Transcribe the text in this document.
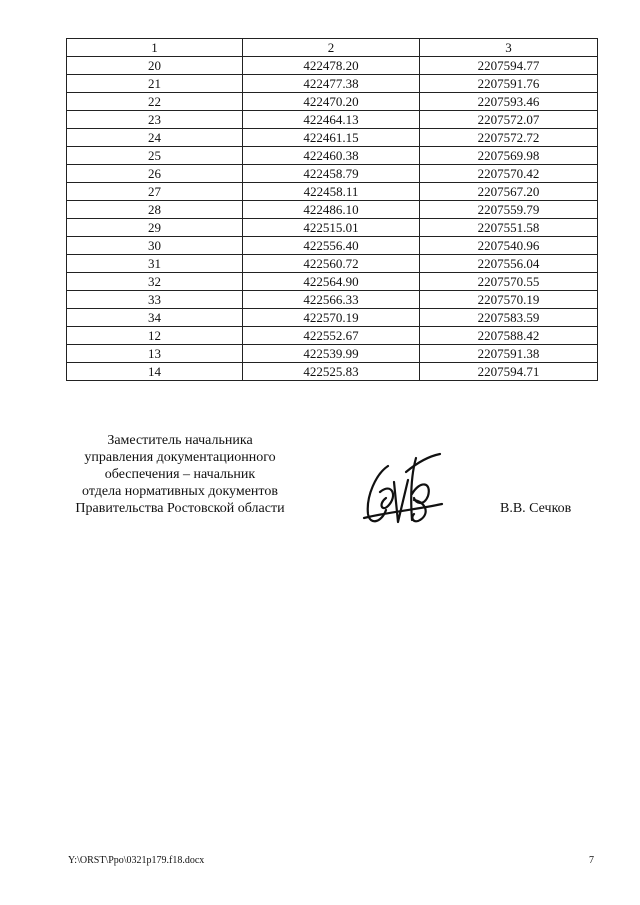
1	2	3
20	422478.20	2207594.77
21	422477.38	2207591.76
22	422470.20	2207593.46
23	422464.13	2207572.07
24	422461.15	2207572.72
25	422460.38	2207569.98
26	422458.79	2207570.42
27	422458.11	2207567.20
28	422486.10	2207559.79
29	422515.01	2207551.58
30	422556.40	2207540.96
31	422560.72	2207556.04
32	422564.90	2207570.55
33	422566.33	2207570.19
34	422570.19	2207583.59
12	422552.67	2207588.42
13	422539.99	2207591.38
14	422525.83	2207594.71
Заместитель начальника
управления документационного
обеспечения – начальник
отдела нормативных документов
Правительства Ростовской области	В.В. Сечков
Y:\ORST\Ppo\0321p179.f18.docx	7
